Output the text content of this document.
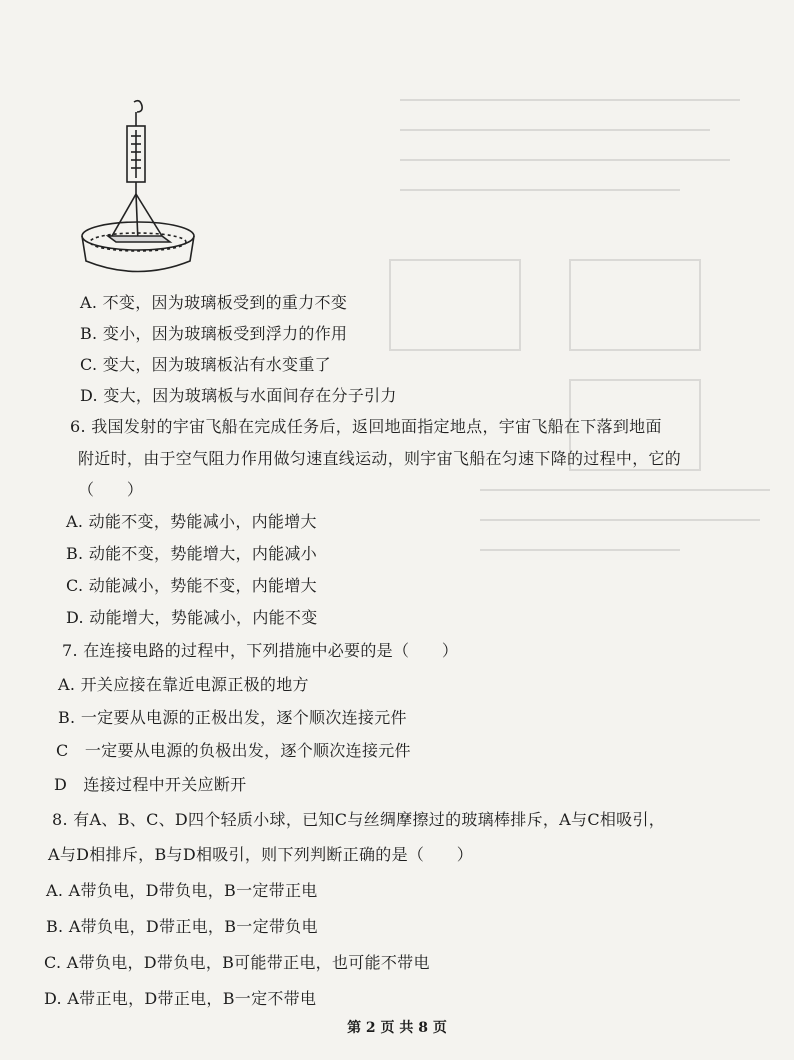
A. 不变，因为玻璃板受到的重力不变
B. 变小，因为玻璃板受到浮力的作用
C. 变大，因为玻璃板沾有水变重了
D. 变大，因为玻璃板与水面间存在分子引力
6. 我国发射的宇宙飞船在完成任务后，返回地面指定地点，宇宙飞船在下落到地面
附近时，由于空气阻力作用做匀速直线运动，则宇宙飞船在匀速下降的过程中，它的
（　　）
A. 动能不变，势能减小，内能增大
B. 动能不变，势能增大，内能减小
C. 动能减小，势能不变，内能增大
D. 动能增大，势能减小，内能不变
7. 在连接电路的过程中，下列措施中必要的是（　　）
A. 开关应接在靠近电源正极的地方
B. 一定要从电源的正极出发，逐个顺次连接元件
C　一定要从电源的负极出发，逐个顺次连接元件
D　连接过程中开关应断开
8. 有A、B、C、D四个轻质小球，已知C与丝绸摩擦过的玻璃棒排斥，A与C相吸引，
A与D相排斥，B与D相吸引，则下列判断正确的是（　　）
A. A带负电，D带负电，B一定带正电
B. A带负电，D带正电，B一定带负电
C. A带负电，D带负电，B可能带正电，也可能不带电
D. A带正电，D带正电，B一定不带电
第 2 页 共 8 页
